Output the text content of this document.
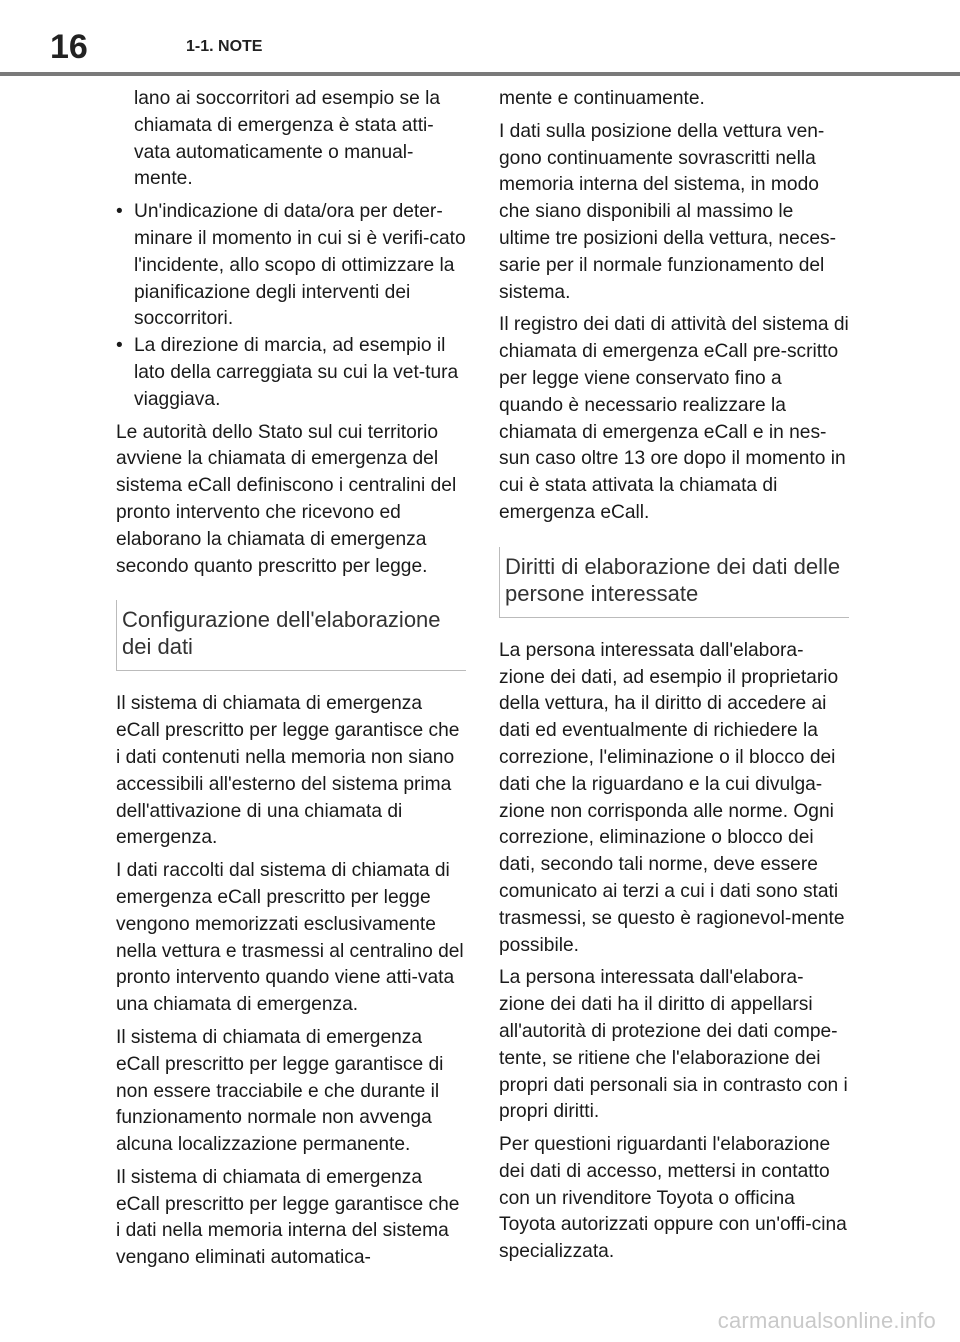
16	1-1. NOTE

lano ai soccorritori ad esempio se la chiamata di emergenza è stata atti-vata automaticamente o manual-mente.

• Un'indicazione di data/ora per deter-minare il momento in cui si è verifi-cato l'incidente, allo scopo di ottimizzare la pianificazione degli interventi dei soccorritori.
• La direzione di marcia, ad esempio il lato della carreggiata su cui la vet-tura viaggiava.

Le autorità dello Stato sul cui territorio avviene la chiamata di emergenza del sistema eCall definiscono i centralini del pronto intervento che ricevono ed elaborano la chiamata di emergenza secondo quanto prescritto per legge.

Configurazione dell'elaborazione dei dati

Il sistema di chiamata di emergenza eCall prescritto per legge garantisce che i dati contenuti nella memoria non siano accessibili all'esterno del sistema prima dell'attivazione di una chiamata di emergenza.

I dati raccolti dal sistema di chiamata di emergenza eCall prescritto per legge vengono memorizzati esclusivamente nella vettura e trasmessi al centralino del pronto intervento quando viene atti-vata una chiamata di emergenza.

Il sistema di chiamata di emergenza eCall prescritto per legge garantisce di non essere tracciabile e che durante il funzionamento normale non avvenga alcuna localizzazione permanente.

Il sistema di chiamata di emergenza eCall prescritto per legge garantisce che i dati nella memoria interna del sistema vengano eliminati automatica-

mente e continuamente.

I dati sulla posizione della vettura ven-gono continuamente sovrascritti nella memoria interna del sistema, in modo che siano disponibili al massimo le ultime tre posizioni della vettura, neces-sarie per il normale funzionamento del sistema.

Il registro dei dati di attività del sistema di chiamata di emergenza eCall pre-scritto per legge viene conservato fino a quando è necessario realizzare la chiamata di emergenza eCall e in nes-sun caso oltre 13 ore dopo il momento in cui è stata attivata la chiamata di emergenza eCall.

Diritti di elaborazione dei dati delle persone interessate

La persona interessata dall'elabora-zione dei dati, ad esempio il proprietario della vettura, ha il diritto di accedere ai dati ed eventualmente di richiedere la correzione, l'eliminazione o il blocco dei dati che la riguardano e la cui divulga-zione non corrisponda alle norme. Ogni correzione, eliminazione o blocco dei dati, secondo tali norme, deve essere comunicato ai terzi a cui i dati sono stati trasmessi, se questo è ragionevol-mente possibile.

La persona interessata dall'elabora-zione dei dati ha il diritto di appellarsi all'autorità di protezione dei dati compe-tente, se ritiene che l'elaborazione dei propri dati personali sia in contrasto con i propri diritti.

Per questioni riguardanti l'elaborazione dei dati di accesso, mettersi in contatto con un rivenditore Toyota o officina Toyota autorizzati oppure con un'offi-cina specializzata.

carmanualsonline.info
